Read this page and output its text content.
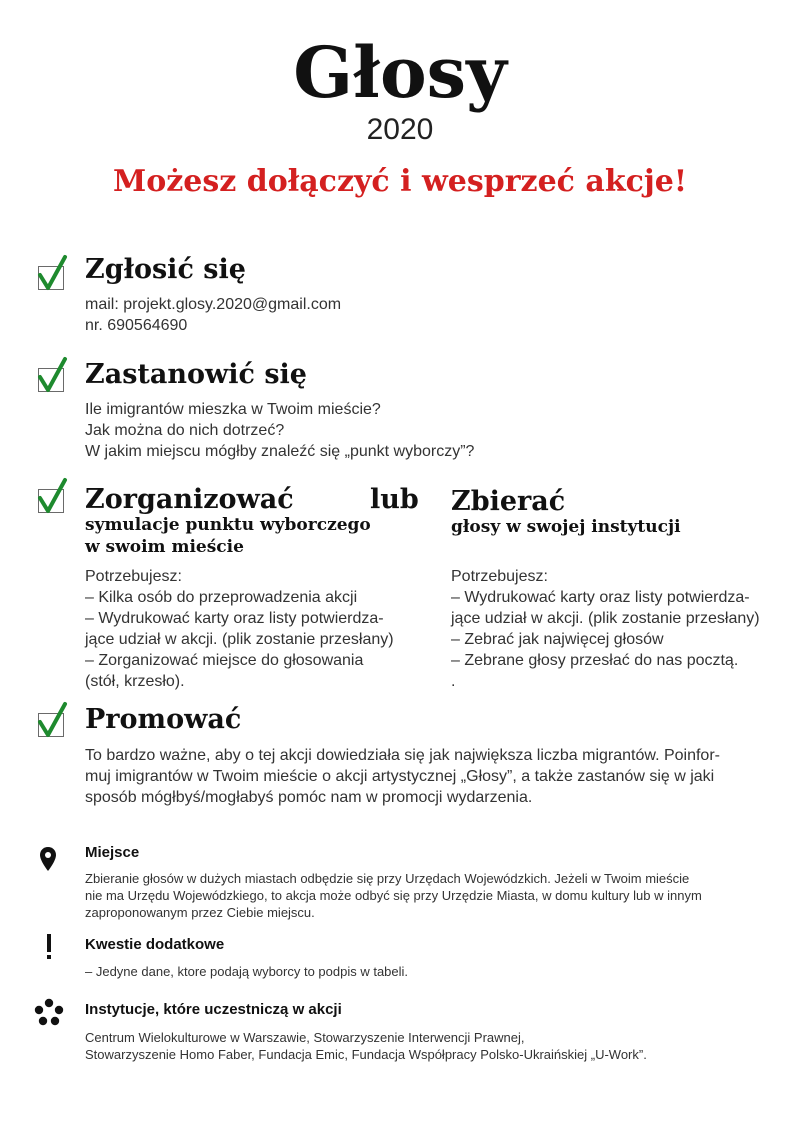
Głosy
2020
Możesz dołączyć i wesprzeć akcje!
Zgłosić się
mail: projekt.glosy.2020@gmail.com
nr. 690564690
Zastanowić się
Ile imigrantów mieszka w Twoim mieście?
Jak można do nich dotrzeć?
W jakim miejscu mógłby znaleźć się „punkt wyborczy”?
Zorganizować	lub
symulacje punktu wyborczego
w swoim mieście
Potrzebujesz:
– Kilka osób do przeprowadzenia akcji
– Wydrukować karty oraz listy potwierdza-
jące udział w akcji. (plik zostanie przesłany)
– Zorganizować miejsce do głosowania
(stół, krzesło).
Zbierać
głosy w swojej instytucji
Potrzebujesz:
– Wydrukować karty oraz listy potwierdza-
jące udział w akcji. (plik zostanie przesłany)
– Zebrać jak najwięcej głosów
– Zebrane głosy przesłać do nas pocztą.
.
Promować
To bardzo ważne, aby o tej akcji dowiedziała się jak największa liczba migrantów. Poinfor-
muj imigrantów w Twoim mieście o akcji artystycznej „Głosy”, a także zastanów się w jaki
sposób mógłbyś/mogłabyś pomóc nam w promocji wydarzenia.
Miejsce
Zbieranie głosów w dużych miastach odbędzie się przy Urzędach Wojewódzkich. Jeżeli w Twoim mieście
nie ma Urzędu Wojewódzkiego, to akcja może odbyć się przy Urzędzie Miasta, w domu kultury lub w innym
zaproponowanym przez Ciebie miejscu.
Kwestie dodatkowe
– Jedyne dane, ktore podają wyborcy to podpis w tabeli.
Instytucje, które uczestniczą w akcji
Centrum Wielokulturowe w Warszawie, Stowarzyszenie Interwencji Prawnej,
Stowarzyszenie Homo Faber, Fundacja Emic, Fundacja Współpracy Polsko-Ukraińskiej „U-Work”.
